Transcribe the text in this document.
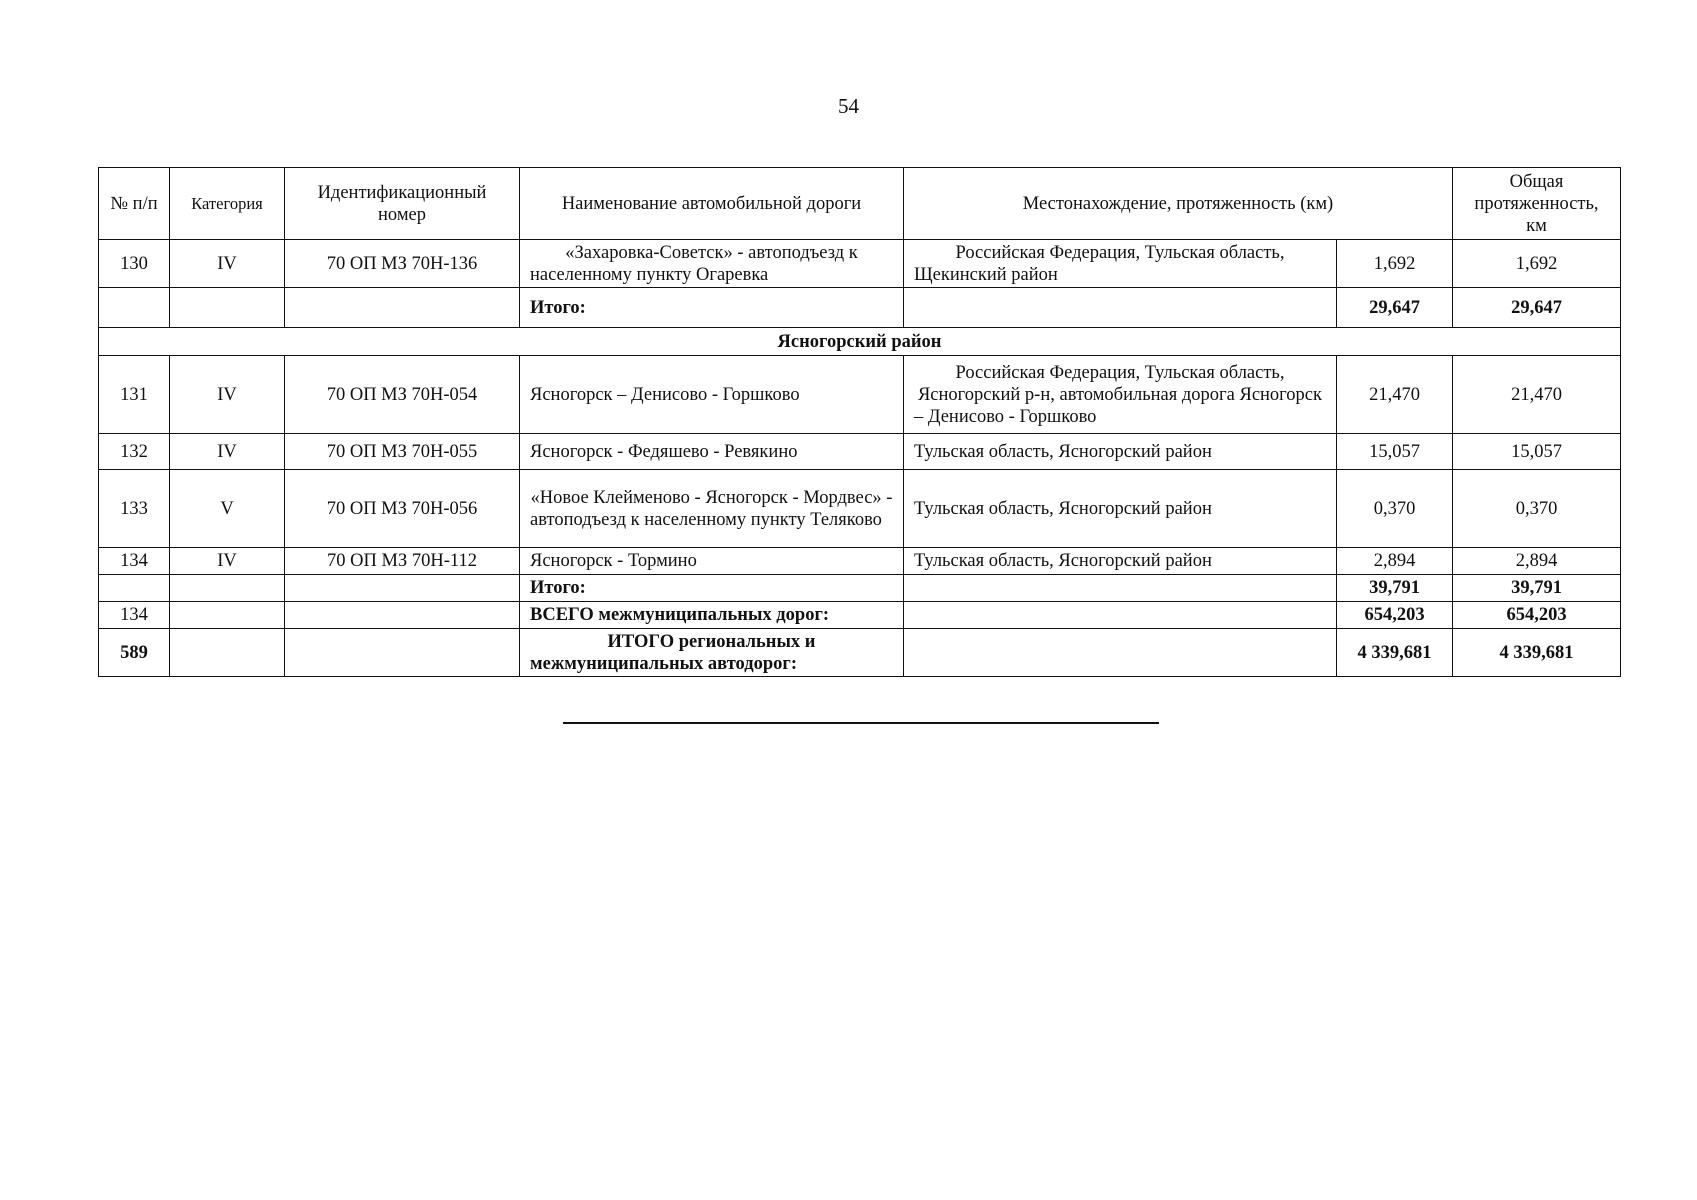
54
№ п/п	Категория	Идентификационный номер	Наименование автомобильной дороги	Местонахождение, протяженность (км)		Общая протяженность, км
130	IV	70 ОП МЗ 70Н-136	«Захаровка-Советск» - автоподъезд к населенному пункту Огаревка	Российская Федерация, Тульская область, Щекинский район	1,692	1,692
			Итого:		29,647	29,647
Ясногорский район						
131	IV	70 ОП МЗ 70Н-054	Ясногорск – Денисово - Горшково	Российская Федерация, Тульская область, Ясногорский р-н, автомобильная дорога Ясногорск – Денисово - Горшково	21,470	21,470
132	IV	70 ОП МЗ 70Н-055	Ясногорск - Федяшево - Ревякино	Тульская область, Ясногорский район	15,057	15,057
133	V	70 ОП МЗ 70Н-056	«Новое Клейменово - Ясногорск - Мордвес» - автоподъезд к населенному пункту Теляково	Тульская область, Ясногорский район	0,370	0,370
134	IV	70 ОП МЗ 70Н-112	Ясногорск - Тормино	Тульская область, Ясногорский район	2,894	2,894
			Итого:		39,791	39,791
134			ВСЕГО межмуниципальных дорог:		654,203	654,203
589			ИТОГО региональных и межмуниципальных автодорог:		4 339,681	4 339,681
